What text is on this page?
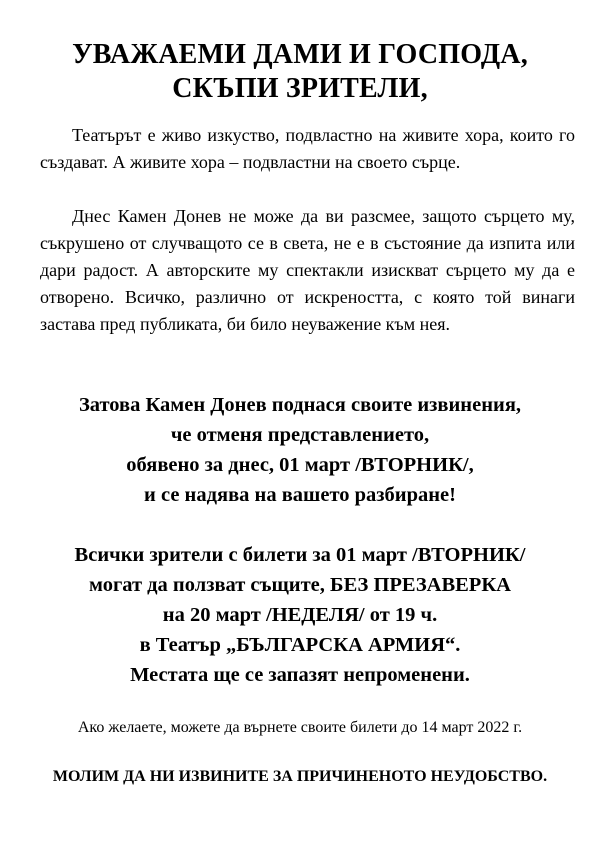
УВАЖАЕМИ ДАМИ И ГОСПОДА,
СКЪПИ ЗРИТЕЛИ,

Театърът е живо изкуство, подвластно на живите хора, които го създават. А живите хора – подвластни на своето сърце.

Днес Камен Донев не може да ви разсмее, защото сърцето му, съкрушено от случващото се в света, не е в състояние да изпита или дари радост. А авторските му спектакли изискват сърцето му да е отворено. Всичко, различно от искреността, с която той винаги застава пред публиката, би било неуважение към нея.

Затова Камен Донев поднася своите извинения,
че отменя представлението,
обявено за днес, 01 март /ВТОРНИК/,
и се надява на вашето разбиране!
Всички зрители с билети за 01 март /ВТОРНИК/
могат да ползват същите, БЕЗ ПРЕЗАВЕРКА
на 20 март /НЕДЕЛЯ/ от 19 ч.
в Театър „БЪЛГАРСКА АРМИЯ“.
Местата ще се запазят непроменени.

Ако желаете, можете да върнете своите билети до 14 март 2022 г.

МОЛИМ ДА НИ ИЗВИНИТЕ ЗА ПРИЧИНЕНОТО НЕУДОБСТВО.
